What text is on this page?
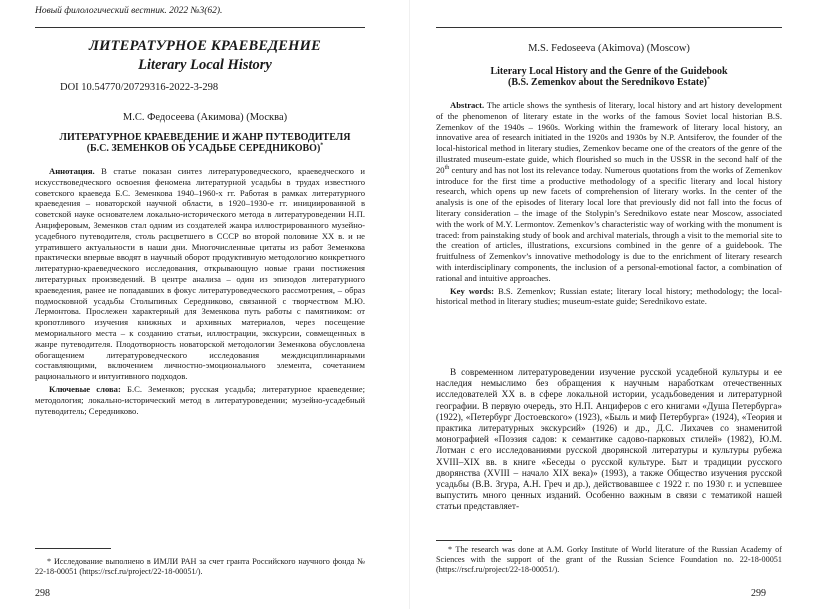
Новый филологический вестник. 2022 №3(62).
ЛИТЕРАТУРНОЕ КРАЕВЕДЕНИЕ
Literary Local History
DOI 10.54770/20729316-2022-3-298
М.С. Федосеева (Акимова) (Москва)
ЛИТЕРАТУРНОЕ КРАЕВЕДЕНИЕ И ЖАНР ПУТЕВОДИТЕЛЯ
(Б.С. ЗЕМЕНКОВ ОБ УСАДЬБЕ СЕРЕДНИКОВО)*

Аннотация. В статье показан синтез литературоведческого, краеведческого и искусствоведческого освоения феномена литературной усадьбы в трудах известного советского краеведа Б.С. Земенкова 1940–1960-х гг. Работая в рамках литературного краеведения – новаторской научной области, в 1920–1930-е гг. инициированной в советской науке основателем локально-исторического метода в литературоведении Н.П. Анциферовым, Земенков стал одним из создателей жанра иллюстрированного музейно-усадебного путеводителя, столь расцветшего в СССР во второй половине XX в. и не утратившего актуальности в наши дни. Многочисленные цитаты из работ Земенкова практически впервые вводят в научный оборот продуктивную методологию конкретного литературно-краеведческого исследования, открывающую новые грани постижения литературных произведений. В центре анализа – один из эпизодов литературного краеведения, ранее не попадавших в фокус литературоведческого рассмотрения, – образ подмосковной усадьбы Столыпиных Середниково, связанной с творчеством М.Ю. Лермонтова. Прослежен характерный для Земенкова путь работы с памятником: от кропотливого изучения книжных и архивных материалов, через посещение мемориального места – к созданию статьи, иллюстрации, экскурсии, совмещенных в жанре путеводителя. Плодотворность новаторской методологии Земенкова обусловлена обогащением литературоведческого исследования междисциплинарными составляющими, включением личностно-эмоционального элемента, сочетанием рационального и интуитивного подходов.

Ключевые слова: Б.С. Земенков; русская усадьба; литературное краеведение; методология; локально-исторический метод в литературоведении; музейно-усадебный путеводитель; Середниково.

* Исследование выполнено в ИМЛИ РАН за счет гранта Российского научного фонда № 22-18-00051 (https://rscf.ru/project/22-18-00051/).
298
M.S. Fedoseeva (Akimova) (Moscow)
Literary Local History and the Genre of the Guidebook
(B.S. Zemenkov about the Serednikovo Estate)*

Abstract. The article shows the synthesis of literary, local history and art history development of the phenomenon of literary estate in the works of the famous Soviet local historian B.S. Zemenkov of the 1940s – 1960s. Working within the framework of literary local history, an innovative area of research initiated in the 1920s and 1930s by N.P. Antsiferov, the founder of the local-historical method in literary studies, Zemenkov became one of the creators of the genre of the illustrated museum-estate guide, which flourished so much in the USSR in the second half of the 20th century and has not lost its relevance today. Numerous quotations from the works of Zemenkov introduce for the first time a productive methodology of a specific literary and local history research, which opens up new facets of comprehension of literary works. In the center of the analysis is one of the episodes of literary local lore that previously did not fall into the focus of literary consideration – the image of the Stolypin’s Serednikovo estate near Moscow, associated with the work of M.Y. Lermontov. Zemenkov’s characteristic way of working with the monument is traced: from painstaking study of book and archival materials, through a visit to the memorial site to the creation of articles, illustrations, excursions combined in the genre of a guidebook. The fruitfulness of Zemenkov’s innovative methodology is due to the enrichment of literary research with interdisciplinary components, the inclusion of a personal-emotional factor, a combination of rational and intuitive approaches.

Key words: B.S. Zemenkov; Russian estate; literary local history; methodology; the local-historical method in literary studies; museum-estate guide; Serednikovo estate.

В современном литературоведении изучение русской усадебной культуры и ее наследия немыслимо без обращения к научным наработкам отечественных исследователей XX в. в сфере локальной истории, усадьбоведения и литературной географии. В первую очередь, это Н.П. Анциферов с его книгами «Душа Петербурга» (1922), «Петербург Достоевского» (1923), «Быль и миф Петербурга» (1924), «Теория и практика литературных экскурсий» (1926) и др., Д.С. Лихачев со знаменитой монографией «Поэзия садов: к семантике садово-парковых стилей» (1982), Ю.М. Лотман с его исследованиями русской дворянской литературы и культуры рубежа XVIII–XIX вв. в книге «Беседы о русской культуре. Быт и традиции русского дворянства (XVIII – начало XIX века)» (1993), а также Общество изучения русской усадьбы (В.В. Згура, А.Н. Греч и др.), действовавшее с 1922 г. по 1930 г. и успевшее выпустить много ценных изданий. Особенно важным в связи с тематикой нашей статьи представляет-

* The research was done at A.M. Gorky Institute of World literature of the Russian Academy of Sciences with the support of the grant of the Russian Science Foundation no. 22-18-00051 (https://rscf.ru/project/22-18-00051/).
299
